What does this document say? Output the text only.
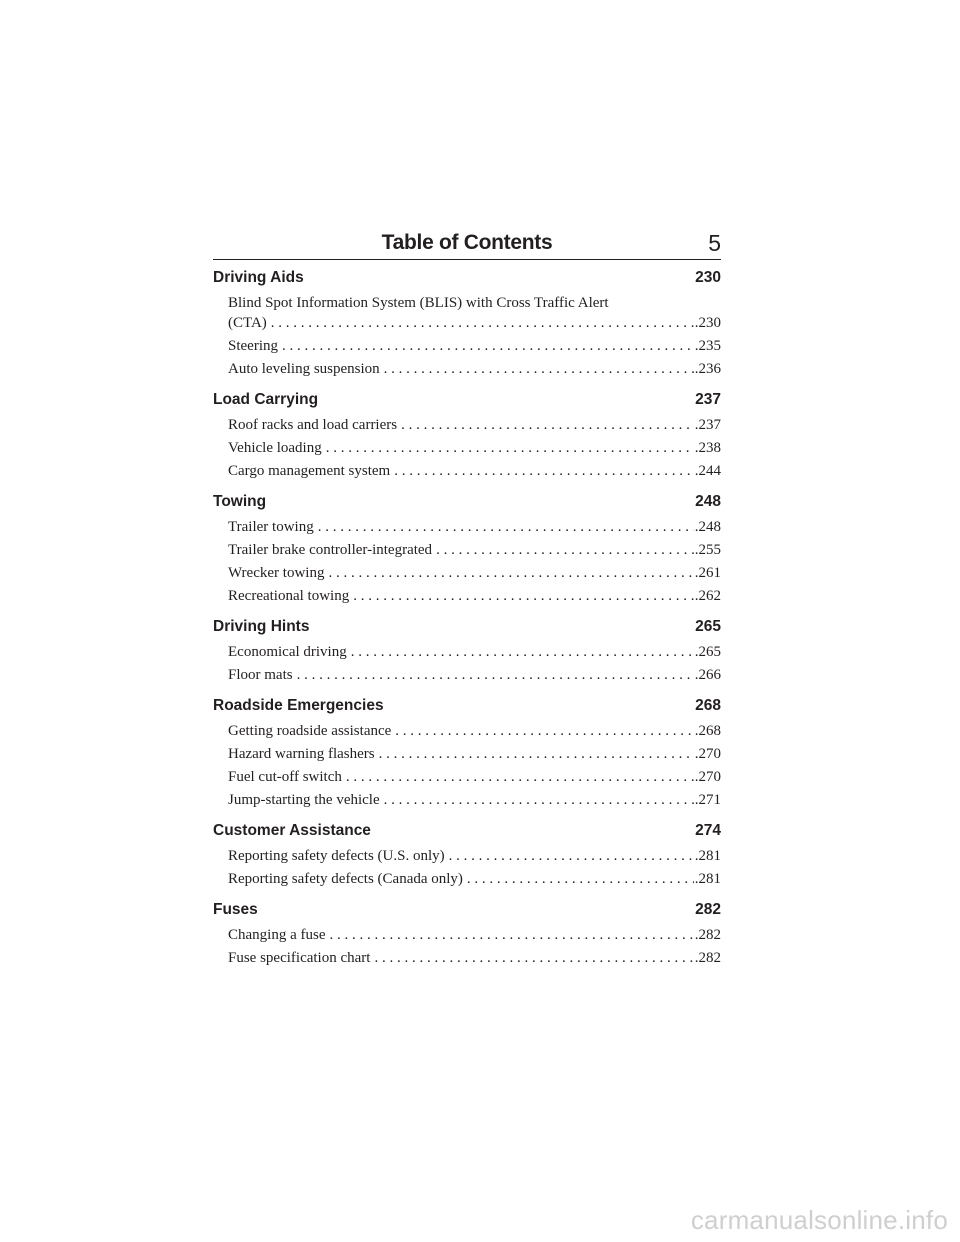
Table of Contents	5
Driving Aids	230
Blind Spot Information System (BLIS) with Cross Traffic Alert
(CTA) . . .	.230
Steering . . .	.235
Auto leveling suspension . . .	.236
Load Carrying	237
Roof racks and load carriers . . .	.237
Vehicle loading . . .	.238
Cargo management system . . .	.244
Towing	248
Trailer towing . . .	.248
Trailer brake controller-integrated . . .	.255
Wrecker towing . . .	.261
Recreational towing . . .	.262
Driving Hints	265
Economical driving . . .	.265
Floor mats . . .	.266
Roadside Emergencies	268
Getting roadside assistance . . .	.268
Hazard warning flashers . . .	.270
Fuel cut-off switch . . .	.270
Jump-starting the vehicle . . .	.271
Customer Assistance	274
Reporting safety defects (U.S. only) . . .	.281
Reporting safety defects (Canada only) . . .	.281
Fuses	282
Changing a fuse . . .	.282
Fuse specification chart . . .	.282
carmanualsonline.info
